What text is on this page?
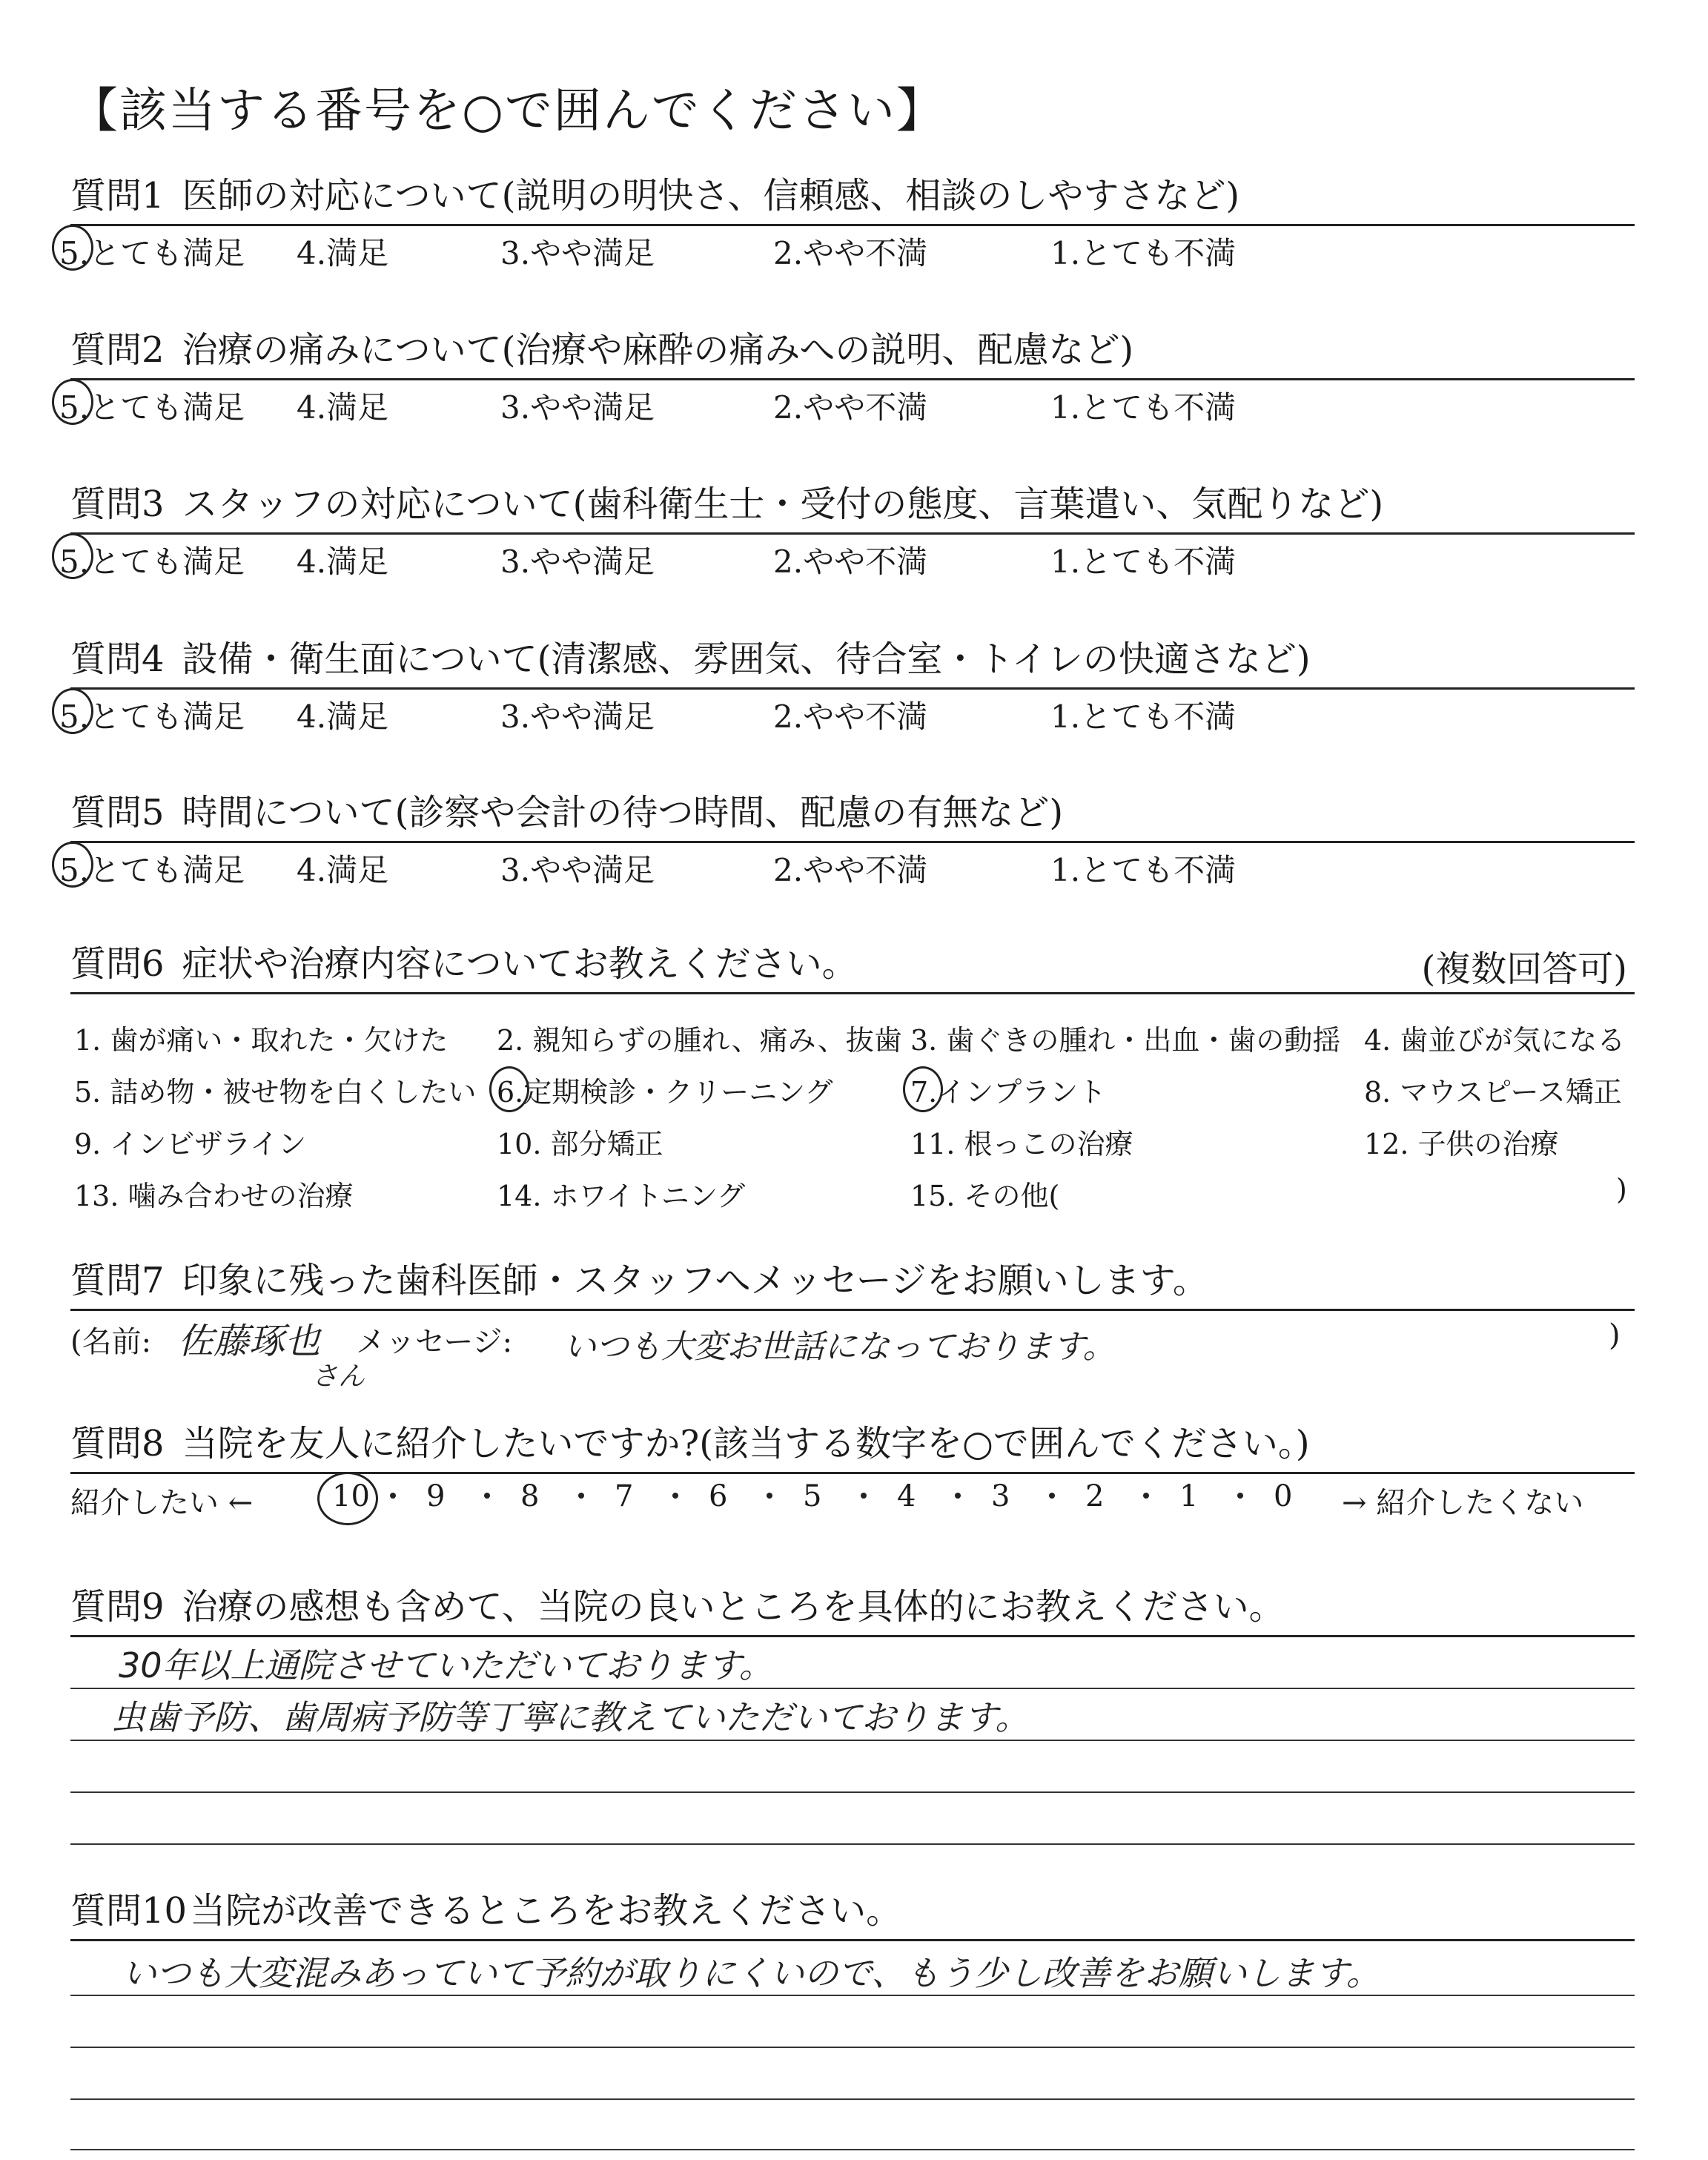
【該当する番号を○で囲んでください】
質問1 医師の対応について(説明の明快さ、信頼感、相談のしやすさなど)
5.とても満足 4.満足	3.やや満足	2.やや不満	1.とても不満
質問2 治療の痛みについて(治療や麻酔の痛みへの説明、配慮など)
5.とても満足 4.満足	3.やや満足	2.やや不満	1.とても不満
質問3 スタッフの対応について(歯科衛生士・受付の態度、言葉遣い、気配りなど)
5.とても満足 4.満足	3.やや満足	2.やや不満	1.とても不満
質問4 設備・衛生面について(清潔感、雰囲気、待合室・トイレの快適さなど)
5.とても満足 4.満足	3.やや満足	2.やや不満	1.とても不満
質問5 時間について(診察や会計の待つ時間、配慮の有無など)
5.とても満足 4.満足	3.やや満足	2.やや不満	1.とても不満
質問6 症状や治療内容についてお教えください。	(複数回答可)
1. 歯が痛い・取れた・欠けた 2. 親知らずの腫れ、痛み、抜歯 3. 歯ぐきの腫れ・出血・歯の動揺 4. 歯並びが気になる
5. 詰め物・被せ物を白くしたい 6.定期検診・クリーニング	7.インプラント	8. マウスピース矯正
9. インビザライン	10. 部分矯正	11. 根っこの治療	12. 子供の治療
13. 噛み合わせの治療	14. ホワイトニング	15. その他(	)
質問7 印象に残った歯科医師・スタッフへメッセージをお願いします。
(名前: 佐藤琢也
さん
メッセージ: いつも大変お世話になっております。	)
質問8 当院を友人に紹介したいですか?(該当する数字を○で囲んでください。)
紹介したい ←	10 9	8	7	6	5	4	3	2	1	0 → 紹介したくない
質問9 治療の感想も含めて、当院の良いところを具体的にお教えください。
30年以上通院させていただいております。
虫歯予防、歯周病予防等丁寧に教えていただいております。
質問10当院が改善できるところをお教えください。
いつも大変混みあっていて予約が取りにくいので、もう少し改善をお願いします。
